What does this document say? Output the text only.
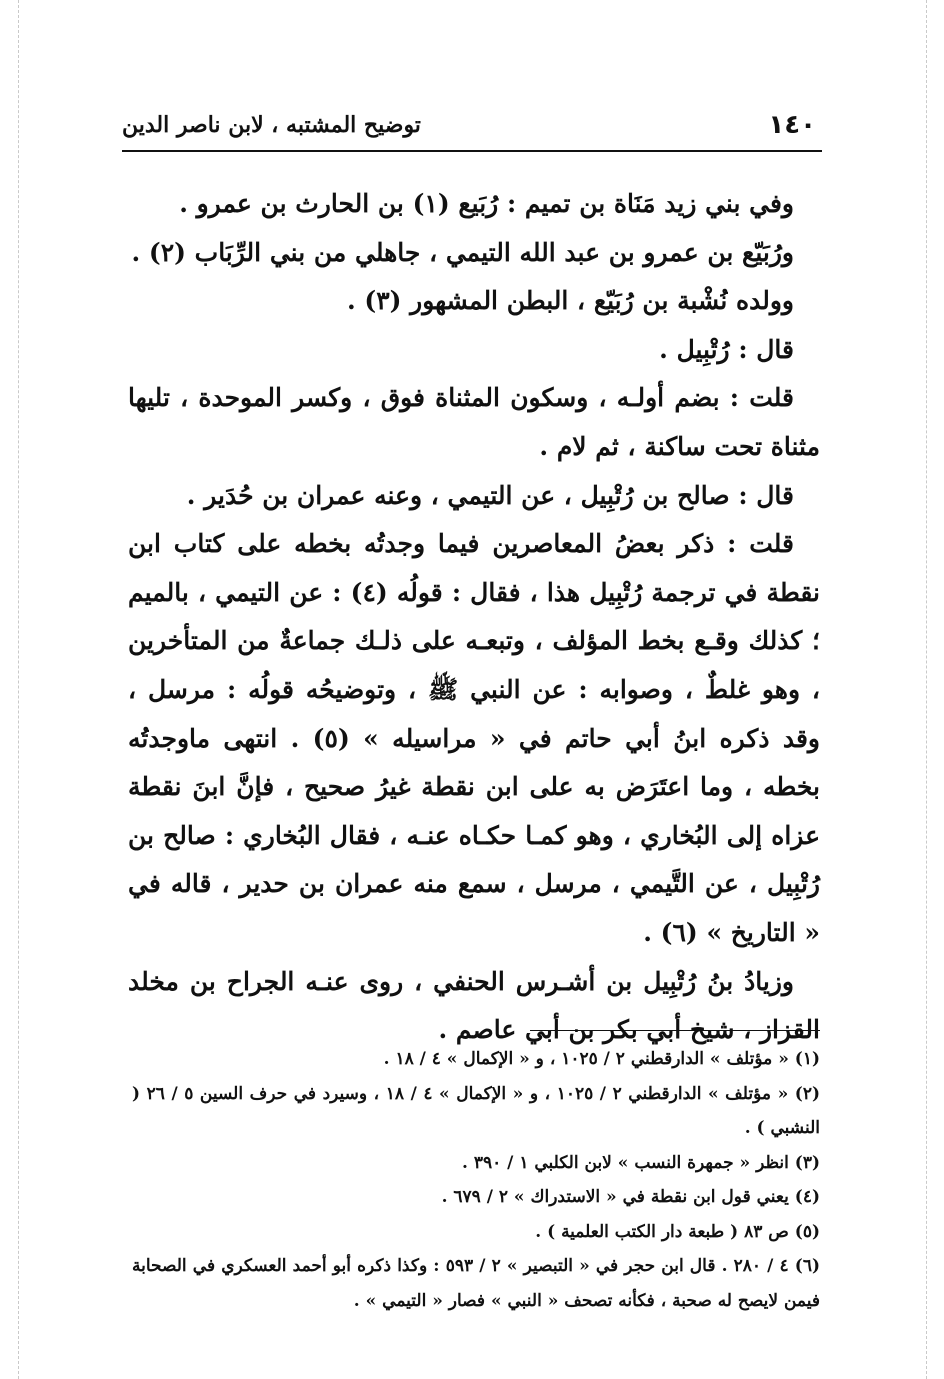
١٤٠
توضيح المشتبه ، لابن ناصر الدين

وفي بني زيد مَنَاة بن تميم : رُبَيع (١) بن الحارث بن عمرو .

ورُبَيّع بن عمرو بن عبد الله التيمي ، جاهلي من بني الرِّبَاب (٢) .

وولده نُشْبة بن رُبَيّع ، البطن المشهور (٣) .

قال : رُتْبِيل .

قلت : بضم أولـه ، وسكون المثناة فوق ، وكسر الموحدة ، تليها مثناة تحت ساكنة ، ثم لام .

قال : صالح بن رُتْبِيل ، عن التيمي ، وعنه عمران بن حُدَير .

قلت : ذكر بعضُ المعاصرين فيما وجدتُه بخطه على كتاب ابن نقطة في ترجمة رُتْبِيل هذا ، فقال : قولُه (٤) : عن التيمي ، بالميم ؛ كذلك وقـع بخط المؤلف ، وتبعـه على ذلـك جماعةٌ من المتأخرين ، وهو غلطٌ ، وصوابه : عن النبي ﷺ ، وتوضيحُه قولُه : مرسل ، وقد ذكره ابنُ أبي حاتم في « مراسيله » (٥) . انتهى ماوجدتُه بخطه ، وما اعتَرَض به على ابن نقطة غيرُ صحيح ، فإنَّ ابنَ نقطة عزاه إلى البُخاري ، وهو كمـا حكـاه عنـه ، فقال البُخاري : صالح بن رُتْبِيل ، عن التَّيمي ، مرسل ، سمع منه عمران بن حدير ، قاله في « التاريخ » (٦) .

وزيادُ بنُ رُتْبِيل بن أشـرس الحنفي ، روى عنـه الجراح بن مخلد القزاز ، شيخ أبي بكر بن أبي عاصم .

(١) « مؤتلف » الدارقطني ٢ / ١٠٢٥ ، و « الإكمال » ٤ / ١٨ .

(٢) « مؤتلف » الدارقطني ٢ / ١٠٢٥ ، و « الإكمال » ٤ / ١٨ ، وسيرد في حرف السين ٥ / ٢٦ ( النشبي ) .

(٣) انظر « جمهرة النسب » لابن الكلبي ١ / ٣٩٠ .

(٤) يعني قول ابن نقطة في « الاستدراك » ٢ / ٦٧٩ .

(٥) ص ٨٣ ( طبعة دار الكتب العلمية ) .

(٦) ٤ / ٢٨٠ . قال ابن حجر في « التبصير » ٢ / ٥٩٣ : وكذا ذكره أبو أحمد العسكري في الصحابة فيمن لايصح له صحبة ، فكأنه تصحف « النبي » فصار « التيمي » .
